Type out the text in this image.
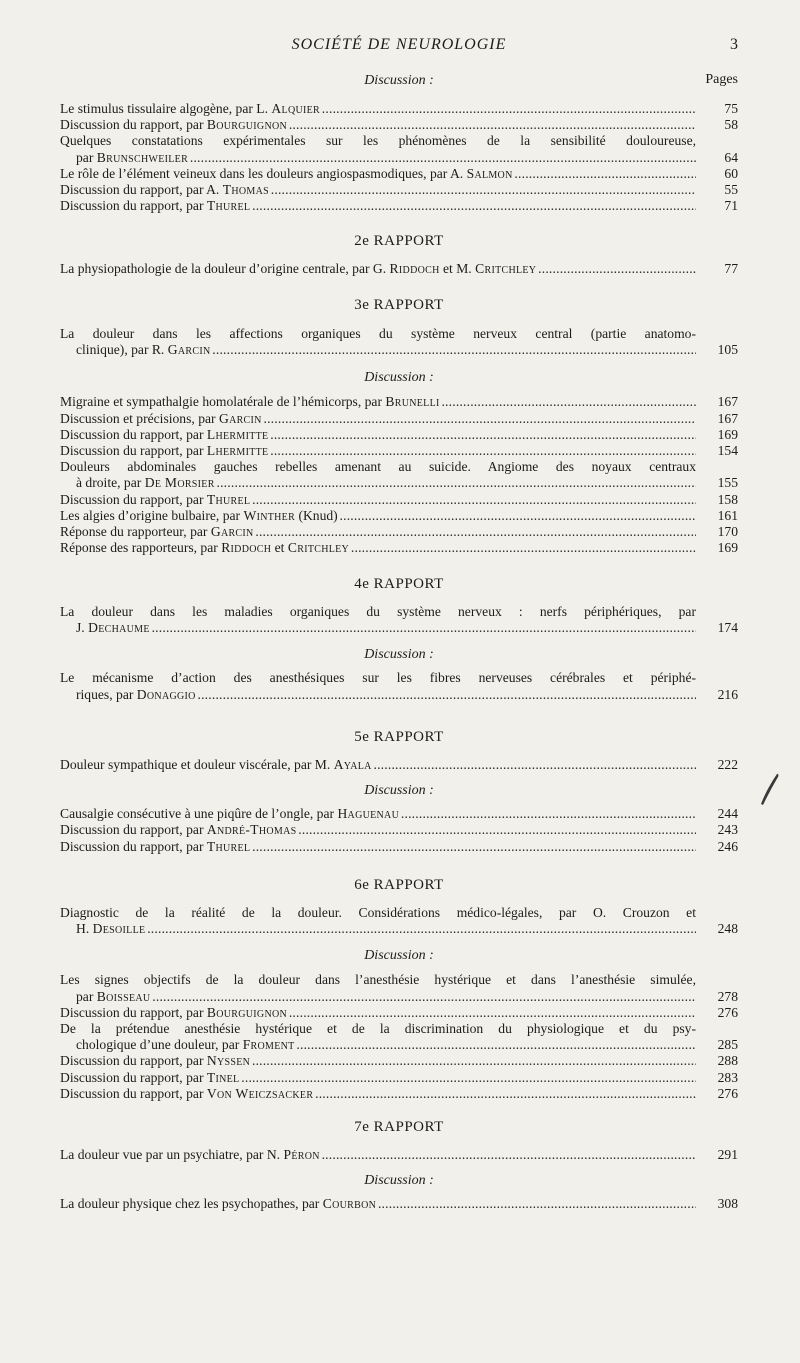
SOCIÉTÉ DE NEUROLOGIE	3
Discussion :	Pages
Le stimulus tissulaire algogène, par L. Alquier . . .	75
Discussion du rapport, par Bourguignon . . .	58
Quelques constatations expérimentales sur les phénomènes de la sensibilité douloureuse,
par Brunschweiler . . .	64
Le rôle de l’élément veineux dans les douleurs angiospasmodiques, par A. Salmon . . .	60
Discussion du rapport, par A. Thomas . . .	55
Discussion du rapport, par Thurel . . .	71
2e RAPPORT
La physiopathologie de la douleur d’origine centrale, par G. Riddoch et M. Critchley . . .	77
3e RAPPORT
La douleur dans les affections organiques du système nerveux central (partie anatomo-
clinique), par R. Garcin . . .	105
Discussion :
Migraine et sympathalgie homolatérale de l’hémicorps, par Brunelli . . .	167
Discussion et précisions, par Garcin . . .	167
Discussion du rapport, par Lhermitte . . .	169
Discussion du rapport, par Lhermitte . . .	154
Douleurs abdominales gauches rebelles amenant au suicide. Angiome des noyaux centraux
à droite, par De Morsier . . .	155
Discussion du rapport, par Thurel . . .	158
Les algies d’origine bulbaire, par Winther (Knud) . . .	161
Réponse du rapporteur, par Garcin . . .	170
Réponse des rapporteurs, par Riddoch et Critchley . . .	169
4e RAPPORT
La douleur dans les maladies organiques du système nerveux : nerfs périphériques, par
J. Dechaume . . .	174
Discussion :
Le mécanisme d’action des anesthésiques sur les fibres nerveuses cérébrales et périphé-
riques, par Donaggio . . .	216
5e RAPPORT
Douleur sympathique et douleur viscérale, par M. Ayala . . .	222
Discussion :
Causalgie consécutive à une piqûre de l’ongle, par Haguenau . . .	244
Discussion du rapport, par André-Thomas . . .	243
Discussion du rapport, par Thurel . . .	246
6e RAPPORT
Diagnostic de la réalité de la douleur. Considérations médico-légales, par O. Crouzon et
H. Desoille . . .	248
Discussion :
Les signes objectifs de la douleur dans l’anesthésie hystérique et dans l’anesthésie simulée,
par Boisseau . . .	278
Discussion du rapport, par Bourguignon . . .	276
De la prétendue anesthésie hystérique et de la discrimination du physiologique et du psy-
chologique d’une douleur, par Froment . . .	285
Discussion du rapport, par Nyssen . . .	288
Discussion du rapport, par Tinel . . .	283
Discussion du rapport, par Von Weiczsacker . . .	276
7e RAPPORT
La douleur vue par un psychiatre, par N. Péron . . .	291
Discussion :
La douleur physique chez les psychopathes, par Courbon . . .	308
